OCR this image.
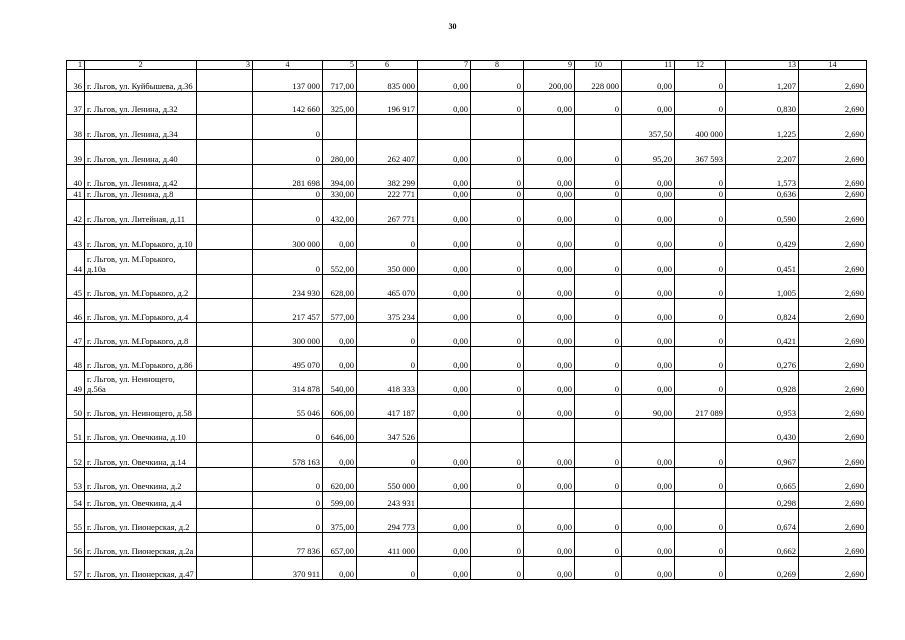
30
1	2	3	4	5	6	7	8	9	10	11	12	13	14
36	г. Льгов, ул. Куйбышева, д.36		137 000	717,00	835 000	0,00	0	200,00	228 000	0,00	0	1,207	2,690
37	г. Льгов, ул. Ленина, д.32		142 660	325,00	196 917	0,00	0	0,00	0	0,00	0	0,830	2,690
38	г. Льгов, ул. Ленина, д.34		0							357,50	400 000	1,225	2,690
39	г. Льгов, ул. Ленина, д.40		0	280,00	262 407	0,00	0	0,00	0	95,20	367 593	2,207	2,690
40	г. Льгов, ул. Ленина, д.42		281 698	394,00	382 299	0,00	0	0,00	0	0,00	0	1,573	2,690
41	г. Льгов, ул. Ленина, д.8		0	330,00	222 771	0,00	0	0,00	0	0,00	0	0,636	2,690
42	г. Льгов, ул. Литейная, д.11		0	432,00	267 771	0,00	0	0,00	0	0,00	0	0,590	2,690
43	г. Льгов, ул. М.Горького, д.10		300 000	0,00	0	0,00	0	0,00	0	0,00	0	0,429	2,690
44	г. Льгов, ул. М.Горького, д.10а		0	552,00	350 000	0,00	0	0,00	0	0,00	0	0,451	2,690
45	г. Льгов, ул. М.Горького, д.2		234 930	628,00	465 070	0,00	0	0,00	0	0,00	0	1,005	2,690
46	г. Льгов, ул. М.Горького, д.4		217 457	577,00	375 234	0,00	0	0,00	0	0,00	0	0,824	2,690
47	г. Льгов, ул. М.Горького, д.8		300 000	0,00	0	0,00	0	0,00	0	0,00	0	0,421	2,690
48	г. Льгов, ул. М.Горького, д.86		495 070	0,00	0	0,00	0	0,00	0	0,00	0	0,276	2,690
49	г. Льгов, ул. Неинощего, д.56а		314 878	540,00	418 333	0,00	0	0,00	0	0,00	0	0,928	2,690
50	г. Льгов, ул. Неинощего, д.58		55 046	606,00	417 187	0,00	0	0,00	0	90,00	217 089	0,953	2,690
51	г. Льгов, ул. Овечкина, д.10		0	646,00	347 526							0,430	2,690
52	г. Льгов, ул. Овечкина, д.14		578 163	0,00	0	0,00	0	0,00	0	0,00	0	0,967	2,690
53	г. Льгов, ул. Овечкина, д.2		0	620,00	550 000	0,00	0	0,00	0	0,00	0	0,665	2,690
54	г. Льгов, ул. Овечкина, д.4		0	599,00	243 931							0,298	2,690
55	г. Льгов, ул. Пионерская, д.2		0	375,00	294 773	0,00	0	0,00	0	0,00	0	0,674	2,690
56	г. Льгов, ул. Пионерская, д.2а		77 836	657,00	411 000	0,00	0	0,00	0	0,00	0	0,662	2,690
57	г. Льгов, ул. Пионерская, д.47		370 911	0,00	0	0,00	0	0,00	0	0,00	0	0,269	2,690
